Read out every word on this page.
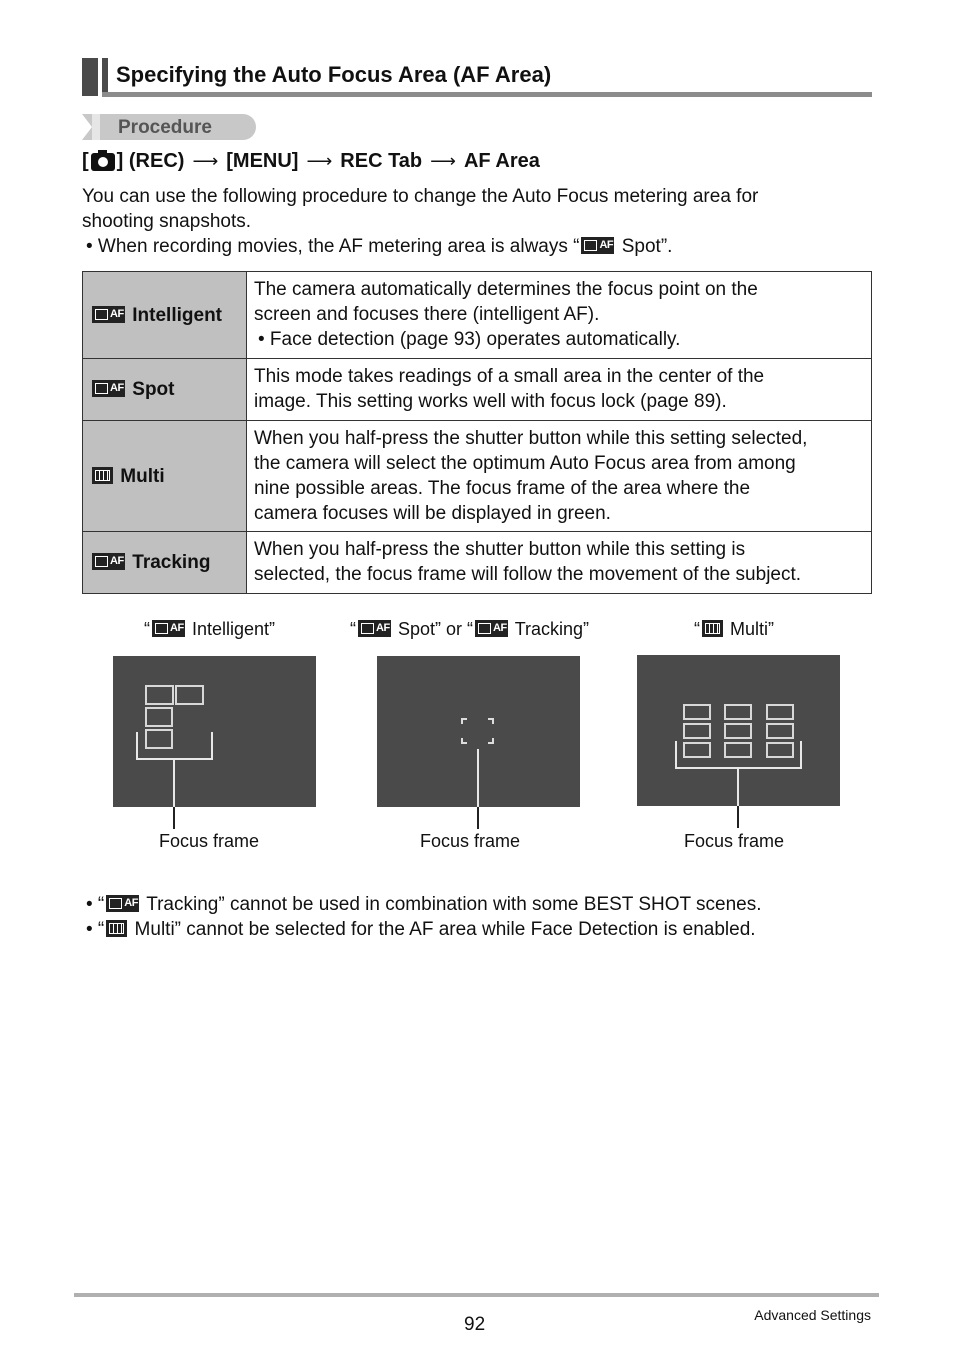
Specifying the Auto Focus Area (AF Area)
Procedure
[ ] (REC) ⟶ [MENU] ⟶ REC Tab ⟶ AF Area
You can use the following procedure to change the Auto Focus metering area for
shooting snapshots.
• When recording movies, the AF metering area is always “ AF Spot”.
AF Intelligent	The camera automatically determines the focus point on the
screen and focuses there (intelligent AF).
• Face detection (page 93) operates automatically.

AF Spot	This mode takes readings of a small area in the center of the
image. This setting works well with focus lock (page 89).

Multi	When you half-press the shutter button while this setting selected,
the camera will select the optimum Auto Focus area from among
nine possible areas. The focus frame of the area where the
camera focuses will be displayed in green.

AF Tracking	When you half-press the shutter button while this setting is
selected, the focus frame will follow the movement of the subject.
“ AF Intelligent”	“ AF Spot” or “ AF Tracking”	“
Multi”
Focus frame	Focus frame	Focus frame
• “ AF Tracking” cannot be used in combination with some BEST SHOT scenes.
• “
Multi” cannot be selected for the AF area while Face Detection is enabled.
92	Advanced Settings
